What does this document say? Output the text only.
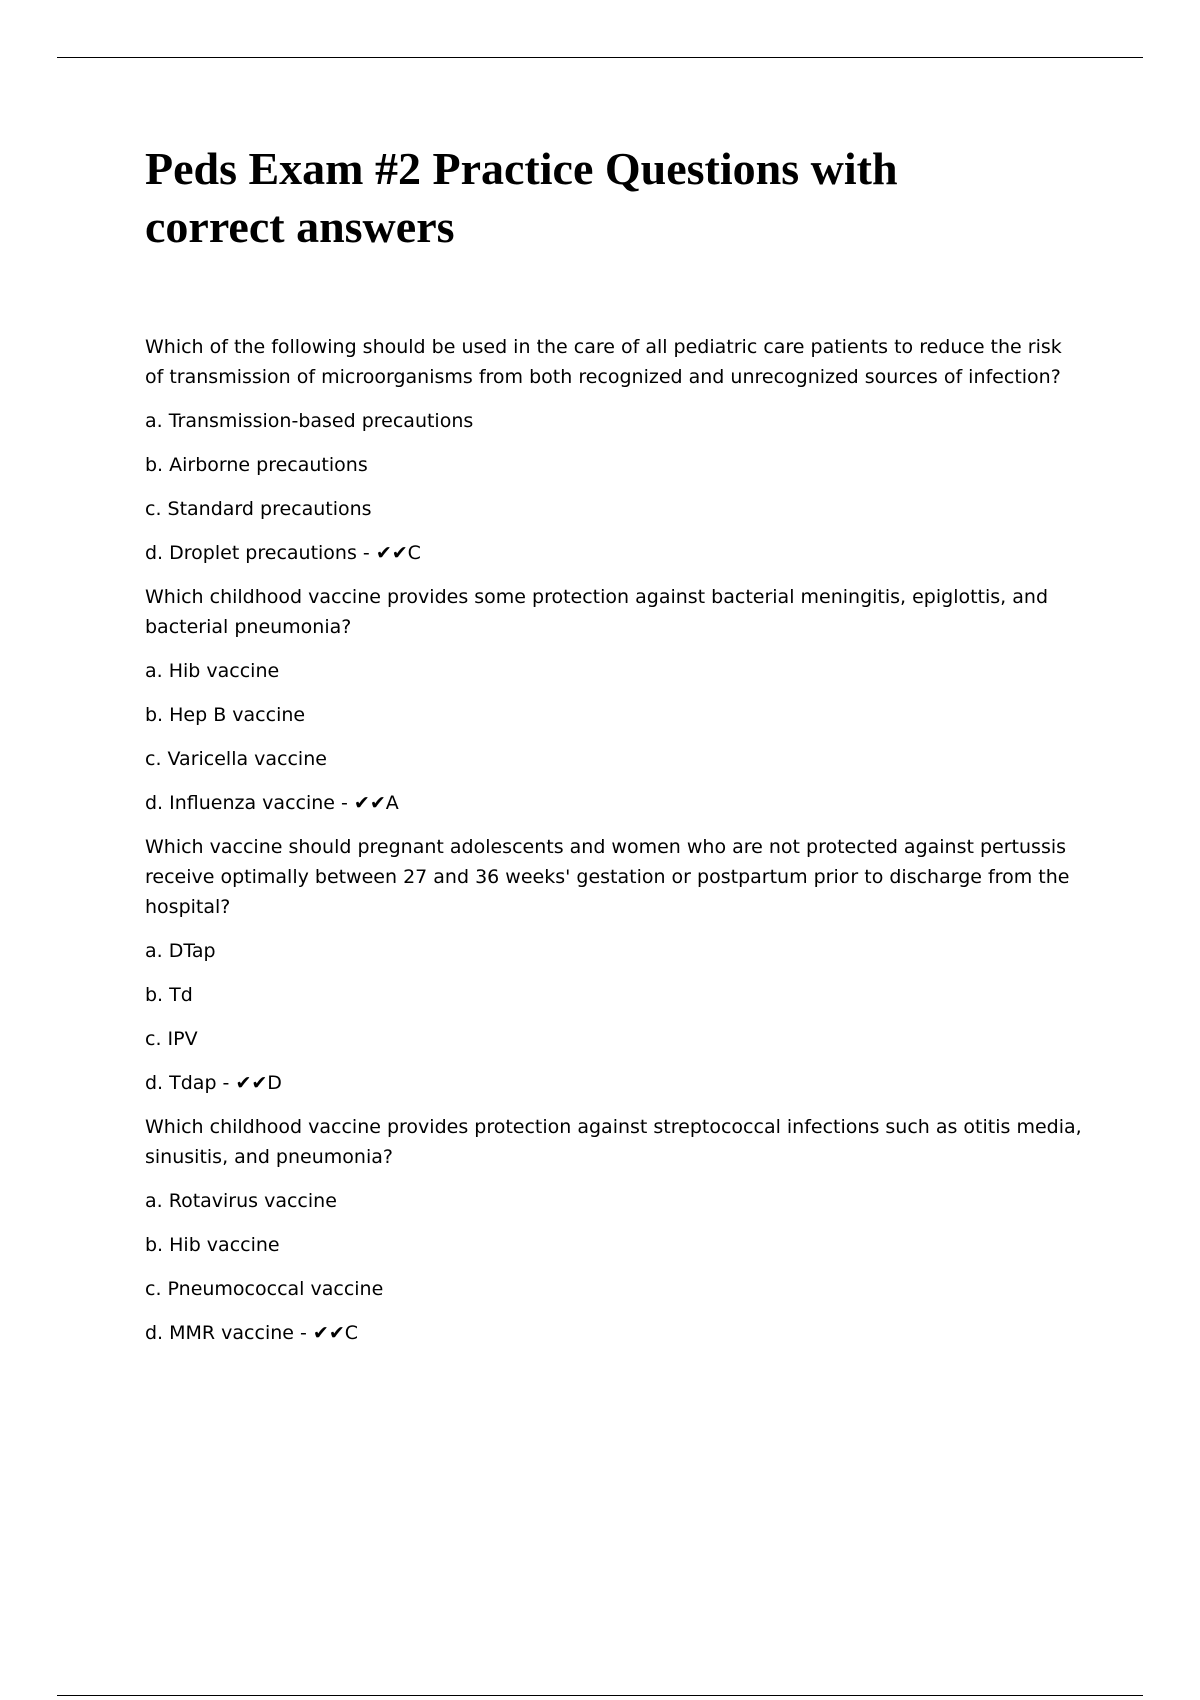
Peds Exam #2 Practice Questions with correct answers

Which of the following should be used in the care of all pediatric care patients to reduce the risk of transmission of microorganisms from both recognized and unrecognized sources of infection?

a. Transmission-based precautions

b. Airborne precautions

c. Standard precautions

d. Droplet precautions - ✔✔C

Which childhood vaccine provides some protection against bacterial meningitis, epiglottis, and bacterial pneumonia?

a. Hib vaccine

b. Hep B vaccine

c. Varicella vaccine

d. Influenza vaccine - ✔✔A

Which vaccine should pregnant adolescents and women who are not protected against pertussis receive optimally between 27 and 36 weeks' gestation or postpartum prior to discharge from the hospital?

a. DTap

b. Td

c. IPV

d. Tdap - ✔✔D

Which childhood vaccine provides protection against streptococcal infections such as otitis media, sinusitis, and pneumonia?

a. Rotavirus vaccine

b. Hib vaccine

c. Pneumococcal vaccine

d. MMR vaccine - ✔✔C
